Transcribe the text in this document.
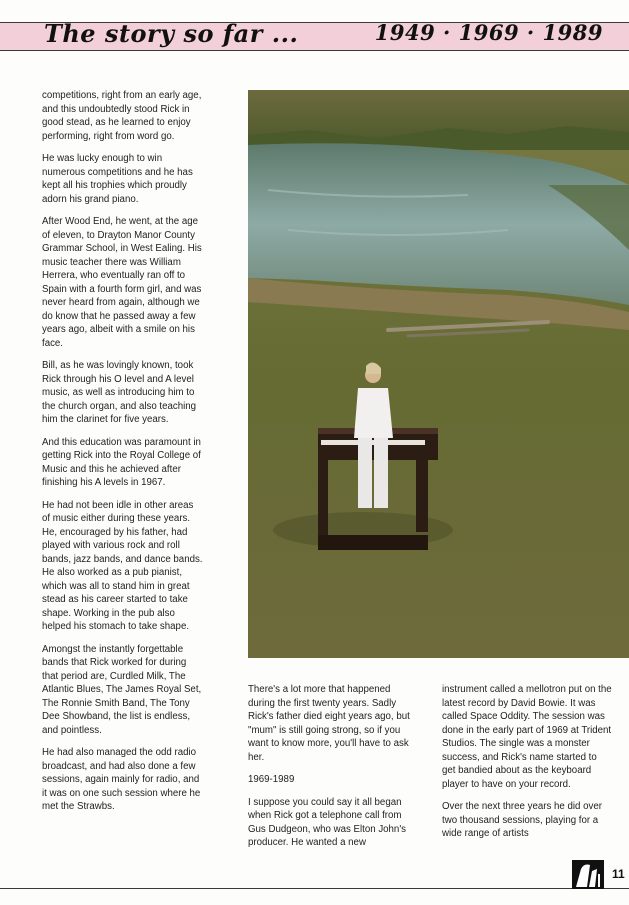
The story so far ...	1949 · 1969 · 1989

competitions, right from an early age, and this undoubtedly stood Rick in good stead, as he learned to enjoy performing, right from word go.

He was lucky enough to win numerous competitions and he has kept all his trophies which proudly adorn his grand piano.

After Wood End, he went, at the age of eleven, to Drayton Manor County Grammar School, in West Ealing. His music teacher there was William Herrera, who eventually ran off to Spain with a fourth form girl, and was never heard from again, although we do know that he passed away a few years ago, albeit with a smile on his face.

Bill, as he was lovingly known, took Rick through his O level and A level music, as well as introducing him to the church organ, and also teaching him the clarinet for five years.

And this education was paramount in getting Rick into the Royal College of Music and this he achieved after finishing his A levels in 1967.

He had not been idle in other areas of music either during these years. He, encouraged by his father, had played with various rock and roll bands, jazz bands, and dance bands. He also worked as a pub pianist, which was all to stand him in great stead as his career started to take shape. Working in the pub also helped his stomach to take shape.

Amongst the instantly forgettable bands that Rick worked for during that period are, Curdled Milk, The Atlantic Blues, The James Royal Set, The Ronnie Smith Band, The Tony Dee Showband, the list is endless, and pointless.

He had also managed the odd radio broadcast, and had also done a few sessions, again mainly for radio, and it was on one such session where he met the Strawbs.

There's a lot more that happened during the first twenty years. Sadly Rick's father died eight years ago, but "mum" is still going strong, so if you want to know more, you'll have to ask her.

1969-1989

I suppose you could say it all began when Rick got a telephone call from Gus Dudgeon, who was Elton John's producer. He wanted a new

instrument called a mellotron put on the latest record by David Bowie. It was called Space Oddity. The session was done in the early part of 1969 at Trident Studios. The single was a monster success, and Rick's name started to get bandied about as the keyboard player to have on your record.

Over the next three years he did over two thousand sessions, playing for a wide range of artists

11
